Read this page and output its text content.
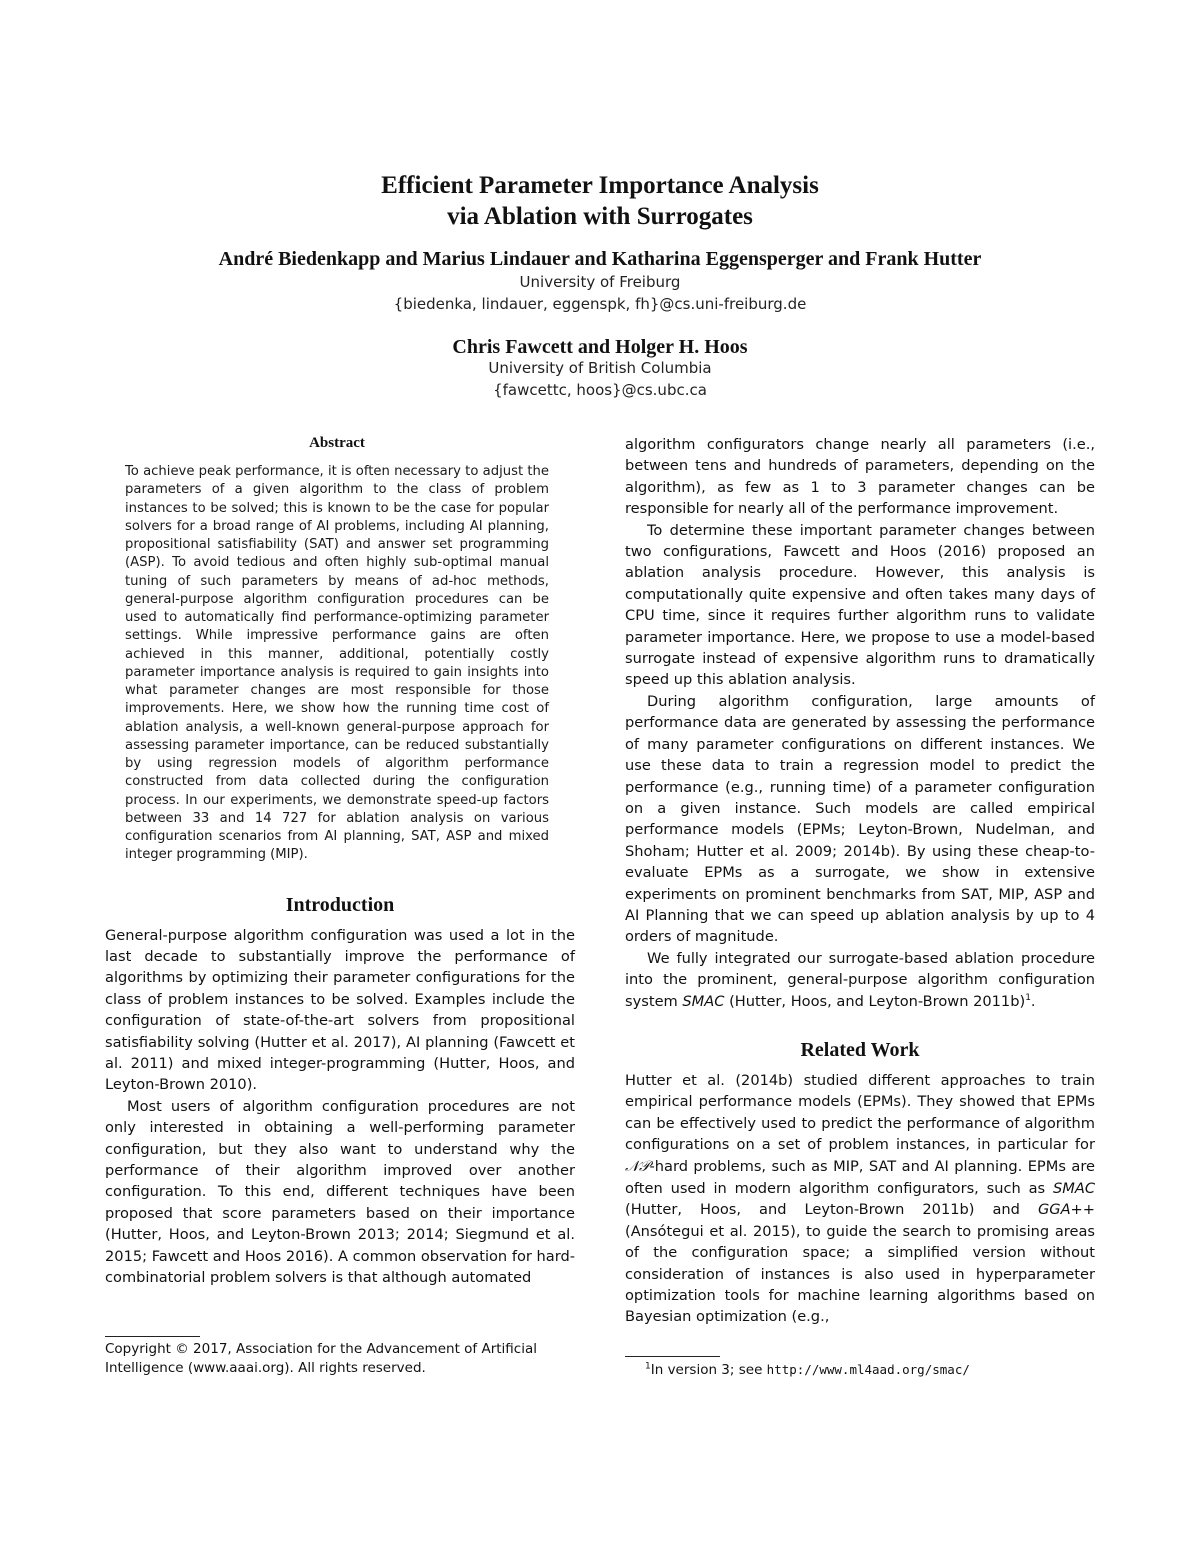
Efficient Parameter Importance Analysis
via Ablation with Surrogates
André Biedenkapp and Marius Lindauer and Katharina Eggensperger and Frank Hutter
University of Freiburg
{biedenka, lindauer, eggenspk, fh}@cs.uni-freiburg.de
Chris Fawcett and Holger H. Hoos
University of British Columbia
{fawcettc, hoos}@cs.ubc.ca
Abstract

To achieve peak performance, it is often necessary to adjust the parameters of a given algorithm to the class of problem instances to be solved; this is known to be the case for popular solvers for a broad range of AI problems, including AI planning, propositional satisfiability (SAT) and answer set programming (ASP). To avoid tedious and often highly sub-optimal manual tuning of such parameters by means of ad-hoc methods, general-purpose algorithm configuration procedures can be used to automatically find performance-optimizing parameter settings. While impressive performance gains are often achieved in this manner, additional, potentially costly parameter importance analysis is required to gain insights into what parameter changes are most responsible for those improvements. Here, we show how the running time cost of ablation analysis, a well-known general-purpose approach for assessing parameter importance, can be reduced substantially by using regression models of algorithm performance constructed from data collected during the configuration process. In our experiments, we demonstrate speed-up factors between 33 and 14 727 for ablation analysis on various configuration scenarios from AI planning, SAT, ASP and mixed integer programming (MIP).

Introduction

General-purpose algorithm configuration was used a lot in the last decade to substantially improve the performance of algorithms by optimizing their parameter configurations for the class of problem instances to be solved. Examples include the configuration of state-of-the-art solvers from propositional satisfiability solving (Hutter et al. 2017), AI planning (Fawcett et al. 2011) and mixed integer-programming (Hutter, Hoos, and Leyton-Brown 2010).

Most users of algorithm configuration procedures are not only interested in obtaining a well-performing parameter configuration, but they also want to understand why the performance of their algorithm improved over another configuration. To this end, different techniques have been proposed that score parameters based on their importance (Hutter, Hoos, and Leyton-Brown 2013; 2014; Siegmund et al. 2015; Fawcett and Hoos 2016). A common observation for hard-combinatorial problem solvers is that although automated

Copyright © 2017, Association for the Advancement of Artificial Intelligence (www.aaai.org). All rights reserved.

algorithm configurators change nearly all parameters (i.e., between tens and hundreds of parameters, depending on the algorithm), as few as 1 to 3 parameter changes can be responsible for nearly all of the performance improvement.

To determine these important parameter changes between two configurations, Fawcett and Hoos (2016) proposed an ablation analysis procedure. However, this analysis is computationally quite expensive and often takes many days of CPU time, since it requires further algorithm runs to validate parameter importance. Here, we propose to use a model-based surrogate instead of expensive algorithm runs to dramatically speed up this ablation analysis.

During algorithm configuration, large amounts of performance data are generated by assessing the performance of many parameter configurations on different instances. We use these data to train a regression model to predict the performance (e.g., running time) of a parameter configuration on a given instance. Such models are called empirical performance models (EPMs; Leyton-Brown, Nudelman, and Shoham; Hutter et al. 2009; 2014b). By using these cheap-to-evaluate EPMs as a surrogate, we show in extensive experiments on prominent benchmarks from SAT, MIP, ASP and AI Planning that we can speed up ablation analysis by up to 4 orders of magnitude.

We fully integrated our surrogate-based ablation procedure into the prominent, general-purpose algorithm configuration system SMAC (Hutter, Hoos, and Leyton-Brown 2011b)$^1$.

Related Work

Hutter et al. (2014b) studied different approaches to train empirical performance models (EPMs). They showed that EPMs can be effectively used to predict the performance of algorithm configurations on a set of problem instances, in particular for 𝒩𝒫-hard problems, such as MIP, SAT and AI planning. EPMs are often used in modern algorithm configurators, such as SMAC (Hutter, Hoos, and Leyton-Brown 2011b) and GGA++ (Ansótegui et al. 2015), to guide the search to promising areas of the configuration space; a simplified version without consideration of instances is also used in hyperparameter optimization tools for machine learning algorithms based on Bayesian optimization (e.g.,

$^1$In version 3; see http://www.ml4aad.org/smac/
